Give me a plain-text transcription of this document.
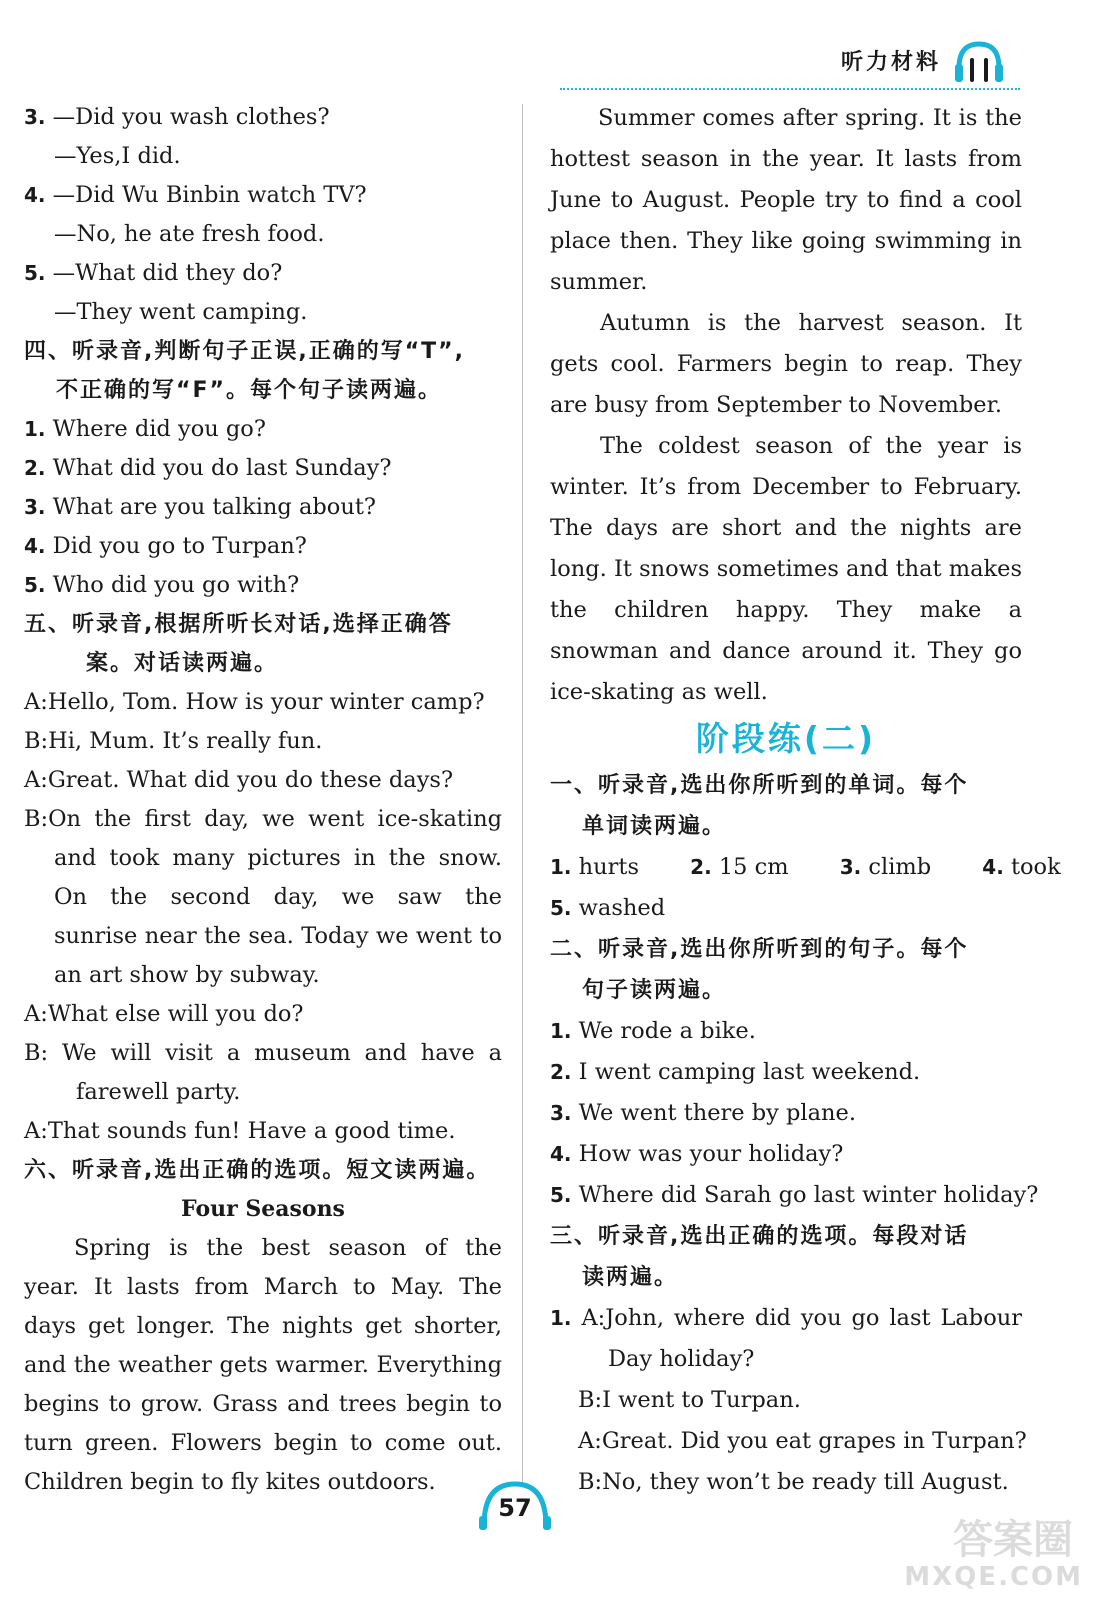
听力材料
3. —Did you wash clothes?
—Yes,I did.
4. —Did Wu Binbin watch TV?
—No, he ate fresh food.
5. —What did they do?
—They went camping.
四、听录音,判断句子正误,正确的写“T”,
不正确的写“F”。每个句子读两遍。
1. Where did you go?
2. What did you do last Sunday?
3. What are you talking about?
4. Did you go to Turpan?
5. Who did you go with?
五、听录音,根据所听长对话,选择正确答
案。对话读两遍。
A:Hello, Tom. How is your winter camp?
B:Hi, Mum. It’s really fun.
A:Great. What did you do these days?
B:On the first day, we went ice-skating
and took many pictures in the snow.
On the second day, we saw the
sunrise near the sea. Today we went to
an art show by subway.
A:What else will you do?
B: We will visit a museum and have a
farewell party.
A:That sounds fun! Have a good time.
六、听录音,选出正确的选项。短文读两遍。
Four Seasons
Spring is the best season of the
year. It lasts from March to May. The
days get longer. The nights get shorter,
and the weather gets warmer. Everything
begins to grow. Grass and trees begin to
turn green. Flowers begin to come out.
Children begin to fly kites outdoors.
Summer comes after spring. It is the
hottest season in the year. It lasts from
June to August. People try to find a cool
place then. They like going swimming in
summer.
Autumn is the harvest season. It
gets cool. Farmers begin to reap. They
are busy from September to November.
The coldest season of the year is
winter. It’s from December to February.
The days are short and the nights are
long. It snows sometimes and that makes
the children happy. They make a
snowman and dance around it. They go
ice-skating as well.
阶段练(二)
一、听录音,选出你所听到的单词。每个
单词读两遍。
1. hurts	2. 15 cm	3. climb	4. took
5. washed
二、听录音,选出你所听到的句子。每个
句子读两遍。
1. We rode a bike.
2. I went camping last weekend.
3. We went there by plane.
4. How was your holiday?
5. Where did Sarah go last winter holiday?
三、听录音,选出正确的选项。每段对话
读两遍。
1. A:John, where did you go last Labour
Day holiday?
B:I went to Turpan.
A:Great. Did you eat grapes in Turpan?
B:No, they won’t be ready till August.
57
答案圈
MXQE.COM
